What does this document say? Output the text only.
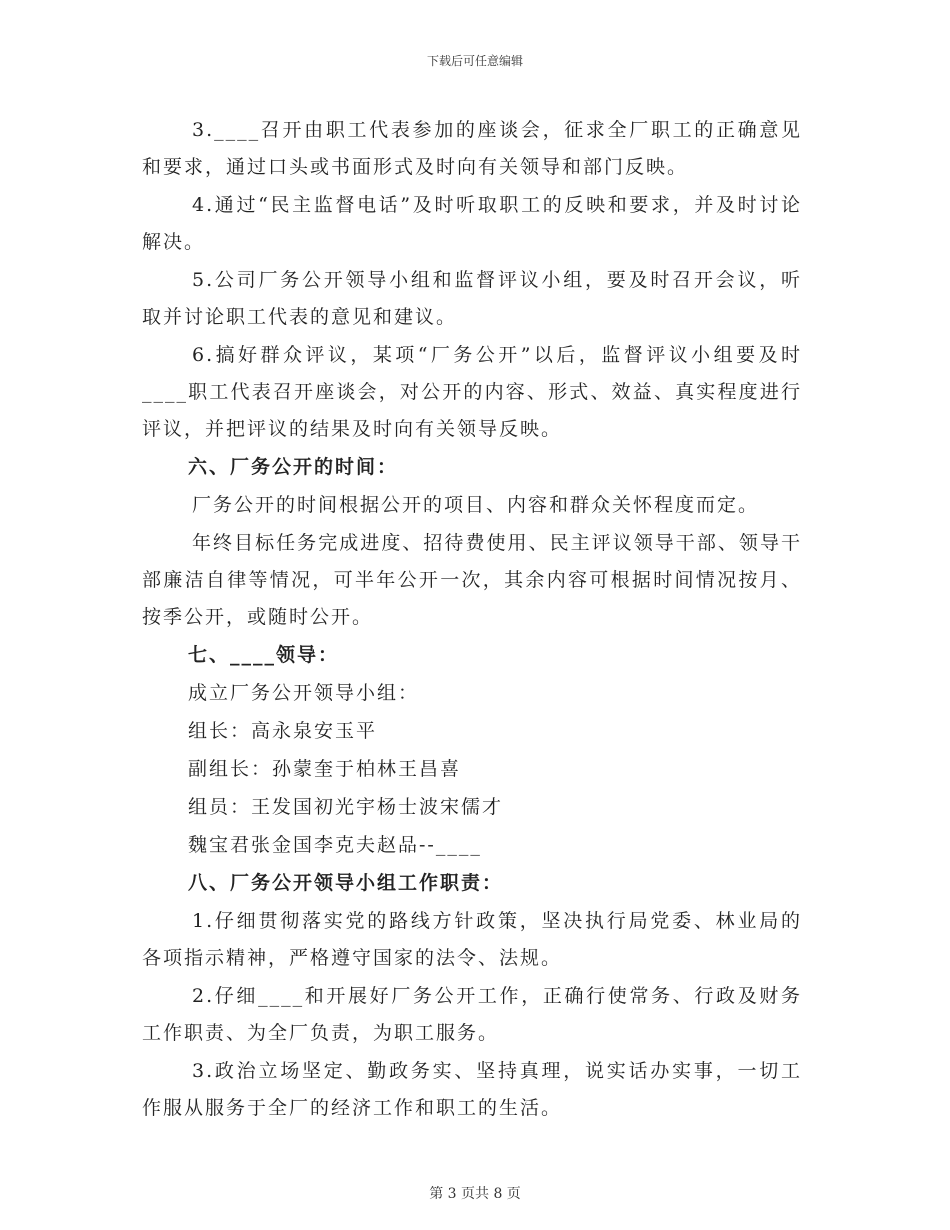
下载后可任意编辑

3.____召开由职工代表参加的座谈会，征求全厂职工的正确意见和要求，通过口头或书面形式及时向有关领导和部门反映。

4.通过“民主监督电话”及时听取职工的反映和要求，并及时讨论解决。

5.公司厂务公开领导小组和监督评议小组，要及时召开会议，听取并讨论职工代表的意见和建议。

6.搞好群众评议，某项“厂务公开”以后，监督评议小组要及时____职工代表召开座谈会，对公开的内容、形式、效益、真实程度进行评议，并把评议的结果及时向有关领导反映。

六、厂务公开的时间：

厂务公开的时间根据公开的项目、内容和群众关怀程度而定。

年终目标任务完成进度、招待费使用、民主评议领导干部、领导干部廉洁自律等情况，可半年公开一次，其余内容可根据时间情况按月、按季公开，或随时公开。

七、____领导：

成立厂务公开领导小组：

组长：高永泉安玉平

副组长：孙蒙奎于柏林王昌喜

组员：王发国初光宇杨士波宋儒才

魏宝君张金国李克夫赵品--____

八、厂务公开领导小组工作职责：

1.仔细贯彻落实党的路线方针政策，坚决执行局党委、林业局的各项指示精神，严格遵守国家的法令、法规。

2.仔细____和开展好厂务公开工作，正确行使常务、行政及财务工作职责、为全厂负责，为职工服务。

3.政治立场坚定、勤政务实、坚持真理，说实话办实事，一切工作服从服务于全厂的经济工作和职工的生活。

第 3 页共 8 页
